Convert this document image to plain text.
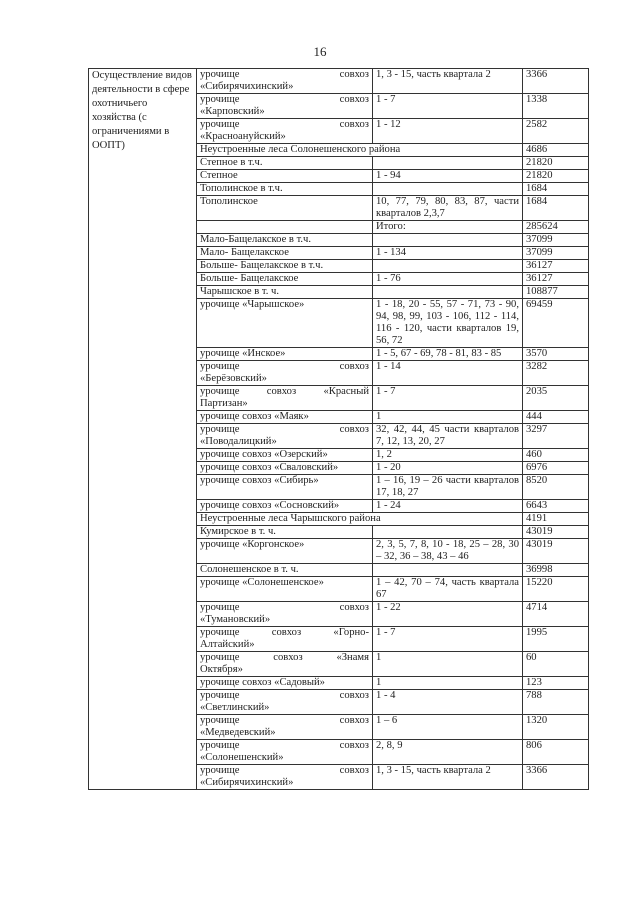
16
Осуществление видов деятельности в сфере охотничьего хозяйства (с ограничениями в ООПТ)	урочище совхоз
«Сибирячихинский»	1, 3 - 15, часть квартала 2	3366

	урочище совхоз
«Карповский»	1 - 7	1338

	урочище совхоз
«Красноануйский»	1 - 12	2582
	Неустроенные леса Солонешенского района		4686
	Степное в т.ч.		21820
	Степное	1 - 94	21820
	Тополинское в т.ч.		1684
	Тополинское	10, 77, 79, 80, 83, 87, части кварталов 2,3,7	1684
		Итого:	285624
	Мало-Бащелакское в т.ч.		37099
	Мало- Бащелакское	1 - 134	37099
	Больше- Бащелакское в т.ч.		36127
	Больше- Бащелакское	1 - 76	36127
	Чарышское в т. ч.		108877
	урочище «Чарышское»	1 - 18, 20 - 55, 57 - 71, 73 - 90, 94, 98, 99, 103 - 106, 112 - 114, 116 - 120, части кварталов 19, 56, 72	69459
	урочище «Инское»	1 - 5, 67 - 69, 78 - 81, 83 - 85	3570

	урочище совхоз
«Берёзовский»	1 - 14	3282

	урочище совхоз «Красный
Партизан»	1 - 7	2035
	урочище совхоз «Маяк»	1	444

	урочище совхоз
«Поводалицкий»	32, 42, 44, 45 части кварталов 7, 12, 13, 20, 27	3297
	урочище совхоз «Озерский»	1, 2	460
	урочище совхоз «Сваловский»	1 - 20	6976
	урочище совхоз «Сибирь»	1 – 16, 19 – 26 части кварталов 17, 18, 27	8520
	урочище совхоз «Сосновский»	1 - 24	6643
	Неустроенные леса Чарышского района		4191
	Кумирское в т. ч.		43019
	урочище «Коргонское»	2, 3, 5, 7, 8, 10 - 18, 25 – 28, 30 – 32, 36 – 38, 43 – 46	43019
	Солонешенское в т. ч.		36998
	урочище «Солонешенское»	1 – 42, 70 – 74, часть квартала 67	15220

	урочище совхоз
«Тумановский»	1 - 22	4714

	урочище совхоз «Горно-
Алтайский»	1 - 7	1995

	урочище совхоз «Знамя
Октября»	1	60
	урочище совхоз «Садовый»	1	123

	урочище совхоз
«Светлинский»	1 - 4	788

	урочище совхоз
«Медведевский»	1 – 6	1320

	урочище совхоз
«Солонешенский»	2, 8, 9	806

	урочище совхоз
«Сибирячихинский»	1, 3 - 15, часть квартала 2	3366
